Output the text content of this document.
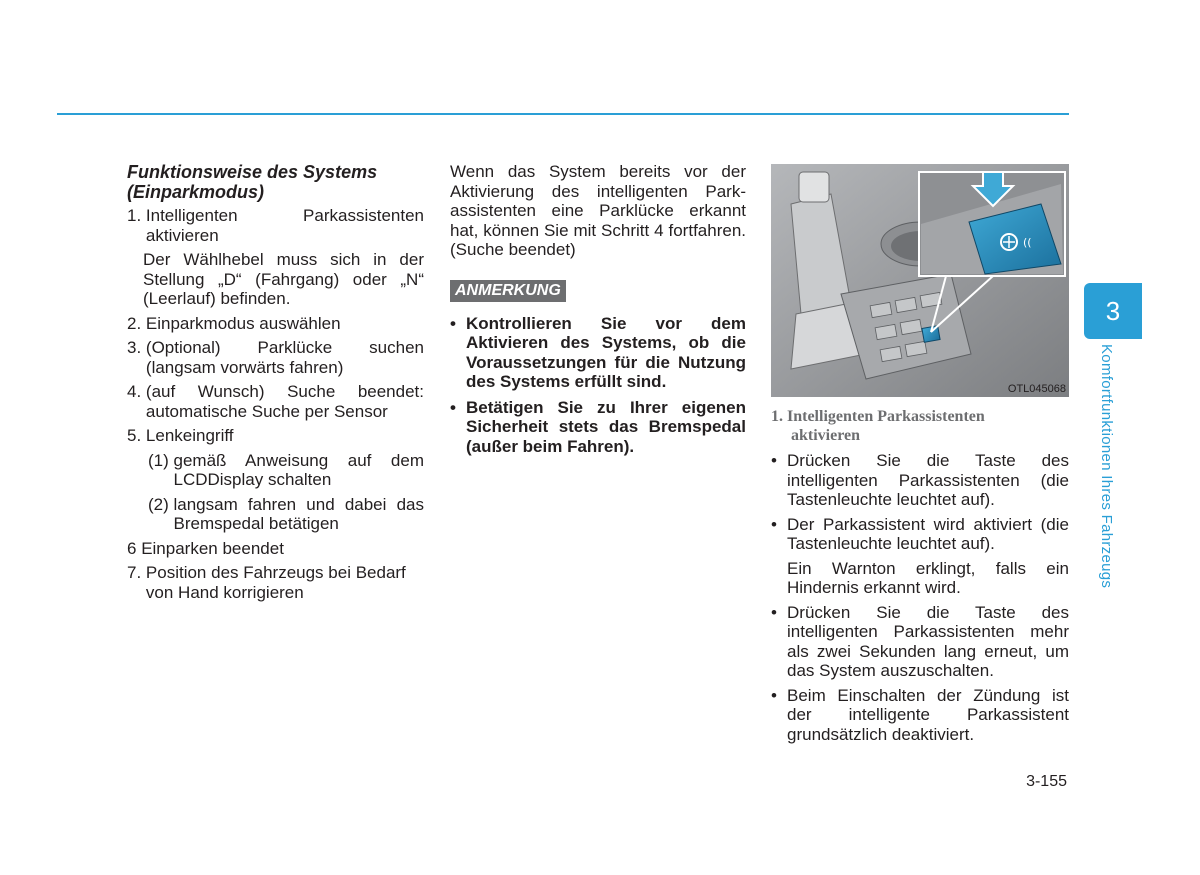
Funktionsweise des Systems
(Einparkmodus)
1. Intelligenten Parkassistenten aktivieren
Der Wählhebel muss sich in der Stellung „D“ (Fahrgang) oder „N“ (Leerlauf) befinden.
2. Einparkmodus auswählen
3. (Optional) Parklücke suchen (langsam vorwärts fahren)
4. (auf Wunsch) Suche beendet: automatische Suche per Sensor
5. Lenkeingriff
(1) gemäß Anweisung auf dem LCDDisplay schalten
(2) langsam fahren und dabei das Bremspedal betätigen
6 Einparken beendet
7. Position des Fahrzeugs bei Bedarf von Hand korrigieren
Wenn das System bereits vor der Aktivierung des intelligenten Parkassistenten eine Parklücke erkannt hat, können Sie mit Schritt 4 fortfahren. (Suche beendet)
ANMERKUNG
• Kontrollieren Sie vor dem Aktivieren des Systems, ob die Voraussetzungen für die Nutzung des Systems erfüllt sind.
• Betätigen Sie zu Ihrer eigenen Sicherheit stets das Bremspedal (außer beim Fahren).
((
OTL045068
1. Intelligenten Parkassistenten
aktivieren
• Drücken Sie die Taste des intelligenten Parkassistenten (die Tastenleuchte leuchtet auf).
• Der Parkassistent wird aktiviert (die Tastenleuchte leuchtet auf).
Ein Warnton erklingt, falls ein Hindernis erkannt wird.
• Drücken Sie die Taste des intelligenten Parkassistenten mehr als zwei Sekunden lang erneut, um das System auszuschalten.
• Beim Einschalten der Zündung ist der intelligente Parkassistent grundsätzlich deaktiviert.
3
Komfortfunktionen Ihres Fahrzeugs
3-155
